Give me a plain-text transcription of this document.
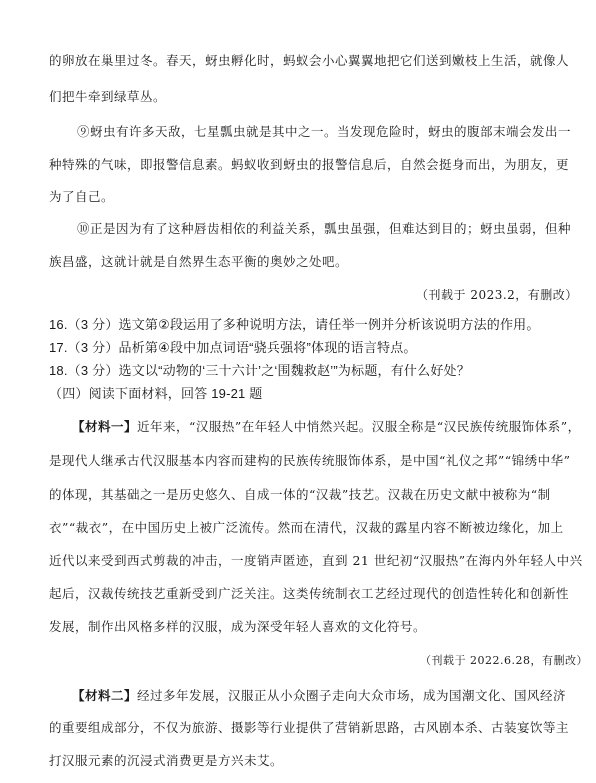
的卵放在巢里过冬。春天，蚜虫孵化时，蚂蚁会小心翼翼地把它们送到嫩枝上生活，就像人
们把牛牵到绿草丛。
⑨蚜虫有许多天敌，七星瓢虫就是其中之一。当发现危险时，蚜虫的腹部末端会发出一
种特殊的气味，即报警信息素。蚂蚁收到蚜虫的报警信息后，自然会挺身而出，为朋友，更
为了自己。
⑩正是因为有了这种唇齿相依的利益关系，瓢虫虽强，但难达到目的；蚜虫虽弱，但种
族昌盛，这就计就是自然界生态平衡的奥妙之处吧。
（刊载于 2023.2，有删改）
16.（3 分）选文第②段运用了多种说明方法，请任举一例并分析该说明方法的作用。
17.（3 分）品析第④段中加点词语“骁兵强将”体现的语言特点。
18.（3 分）选文以“动物的‘三十六计’之‘围魏救赵’”为标题，有什么好处？
（四）阅读下面材料，回答 19-21 题
【材料一】近年来，“汉服热”在年轻人中悄然兴起。汉服全称是“汉民族传统服饰体系”，
是现代人继承古代汉服基本内容而建构的民族传统服饰体系，是中国“礼仪之邦”“锦绣中华”
的体现，其基础之一是历史悠久、自成一体的“汉裁”技艺。汉裁在历史文献中被称为“制
衣”“裁衣”，在中国历史上被广泛流传。然而在清代，汉裁的露星内容不断被边缘化，加上
近代以来受到西式剪裁的冲击，一度销声匿迹，直到 21 世纪初“汉服热”在海内外年轻人中兴
起后，汉裁传统技艺重新受到广泛关注。这类传统制衣工艺经过现代的创造性转化和创新性
发展，制作出风格多样的汉服，成为深受年轻人喜欢的文化符号。
（刊载于 2022.6.28，有删改）
【材料二】经过多年发展，汉服正从小众圈子走向大众市场，成为国潮文化、国风经济
的重要组成部分，不仅为旅游、摄影等行业提供了营销新思路，古风剧本杀、古装宴饮等主
打汉服元素的沉浸式消费更是方兴未艾。
